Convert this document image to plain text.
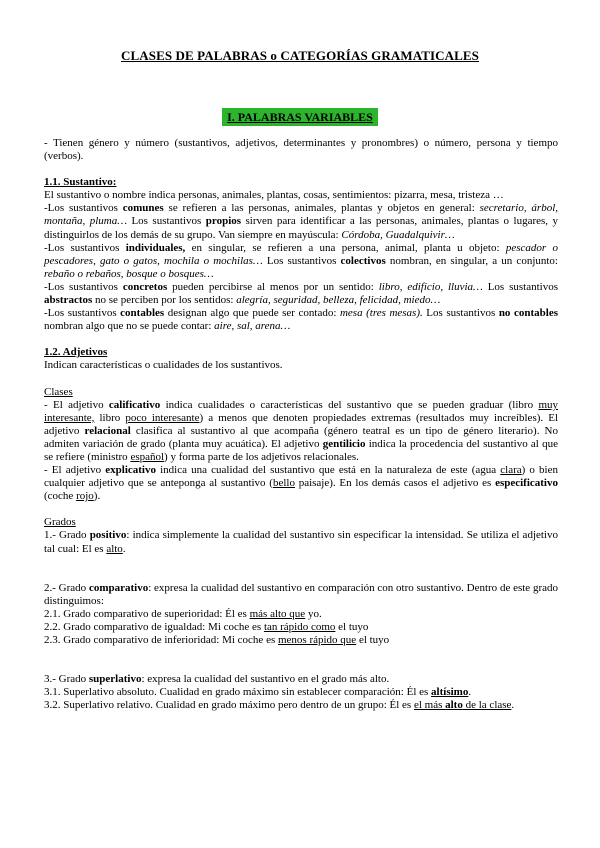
CLASES DE PALABRAS o CATEGORÍAS GRAMATICALES
I. PALABRAS VARIABLES

- Tienen género y número (sustantivos, adjetivos, determinantes y pronombres) o número, persona y tiempo (verbos).

1.1. Sustantivo:

El sustantivo o nombre indica personas, animales, plantas, cosas, sentimientos: pizarra, mesa, tristeza …

-Los sustantivos comunes se refieren a las personas, animales, plantas y objetos en general: secretario, árbol, montaña, pluma… Los sustantivos propios sirven para identificar a las personas, animales, plantas o lugares, y distinguirlos de los demás de su grupo. Van siempre en mayúscula: Córdoba, Guadalquivir…

-Los sustantivos individuales, en singular, se refieren a una persona, animal, planta u objeto: pescador o pescadores, gato o gatos, mochila o mochilas… Los sustantivos colectivos nombran, en singular, a un conjunto: rebaño o rebaños, bosque o bosques…

-Los sustantivos concretos pueden percibirse al menos por un sentido: libro, edificio, lluvia… Los sustantivos abstractos no se perciben por los sentidos: alegría, seguridad, belleza, felicidad, miedo…

-Los sustantivos contables designan algo que puede ser contado: mesa (tres mesas). Los sustantivos no contables nombran algo que no se puede contar: aire, sal, arena…

1.2. Adjetivos

Indican características o cualidades de los sustantivos.

Clases

- El adjetivo calificativo indica cualidades o características del sustantivo que se pueden graduar (libro muy interesante, libro poco interesante) a menos que denoten propiedades extremas (resultados muy increíbles). El adjetivo relacional clasifica al sustantivo al que acompaña (género teatral es un tipo de género literario). No admiten variación de grado (planta muy acuática). El adjetivo gentilicio indica la procedencia del sustantivo al que se refiere (ministro español) y forma parte de los adjetivos relacionales.

- El adjetivo explicativo indica una cualidad del sustantivo que está en la naturaleza de este (agua clara) o bien cualquier adjetivo que se anteponga al sustantivo (bello paisaje). En los demás casos el adjetivo es especificativo (coche rojo).

Grados

1.- Grado positivo: indica simplemente la cualidad del sustantivo sin especificar la intensidad. Se utiliza el adjetivo tal cual: El es alto.

2.- Grado comparativo: expresa la cualidad del sustantivo en comparación con otro sustantivo. Dentro de este grado distinguimos:

2.1. Grado comparativo de superioridad: Él es más alto que yo.

2.2. Grado comparativo de igualdad: Mi coche es tan rápido como el tuyo

2.3. Grado comparativo de inferioridad: Mi coche es menos rápido que el tuyo

3.- Grado superlativo: expresa la cualidad del sustantivo en el grado más alto.

3.1. Superlativo absoluto. Cualidad en grado máximo sin establecer comparación: Él es altísimo.

3.2. Superlativo relativo. Cualidad en grado máximo pero dentro de un grupo: Él es el más alto de la clase.
